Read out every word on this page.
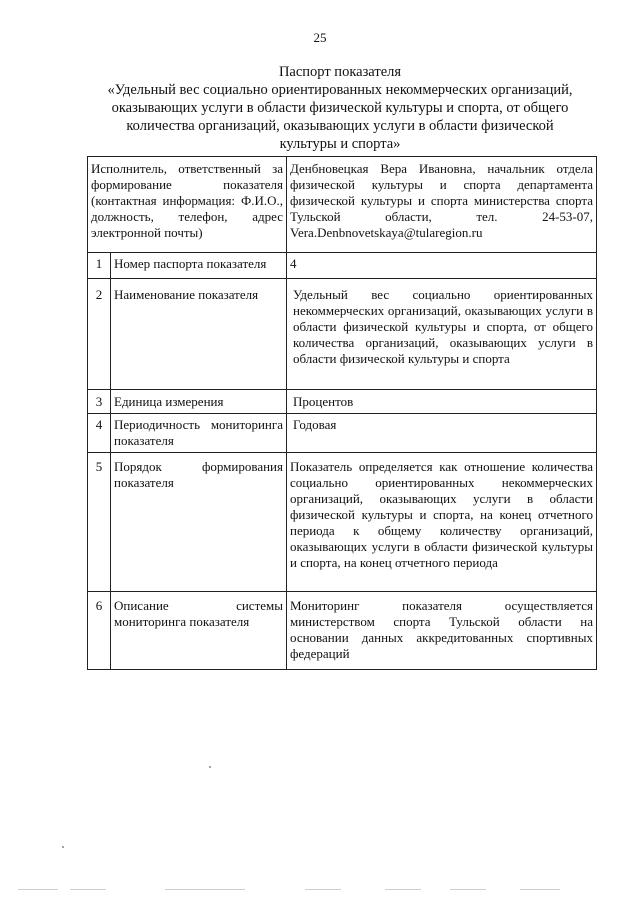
25
Паспорт показателя
«Удельный вес социально ориентированных некоммерческих организаций,
оказывающих услуги в области физической культуры и спорта, от общего
количества организаций, оказывающих услуги в области физической
культуры и спорта»
Исполнитель, ответственный за формирование показателя (контактная информация: Ф.И.О., должность, телефон, адрес электронной почты)		Денбновецкая Вера Ивановна, начальник отдела физической культуры и спорта департамента физической культуры и спорта министерства спорта Тульской области, тел. 24-53-07, Vera.Denbnovetskaya@tularegion.ru
1	Номер паспорта показателя	4
2	Наименование показателя	Удельный вес социально ориентированных некоммерческих организаций, оказывающих услуги в области физической культуры и спорта, от общего количества организаций, оказывающих услуги в области физической культуры и спорта
3	Единица измерения	Процентов
4	Периодичность мониторинга показателя	Годовая
5	Порядок формирования показателя	Показатель определяется как отношение количества социально ориентированных некоммерческих организаций, оказывающих услуги в области физической культуры и спорта, на конец отчетного периода к общему количеству организаций, оказывающих услуги в области физической культуры и спорта, на конец отчетного периода
6	Описание системы мониторинга показателя	Мониторинг показателя осуществляется министерством спорта Тульской области на основании данных аккредитованных спортивных федераций
